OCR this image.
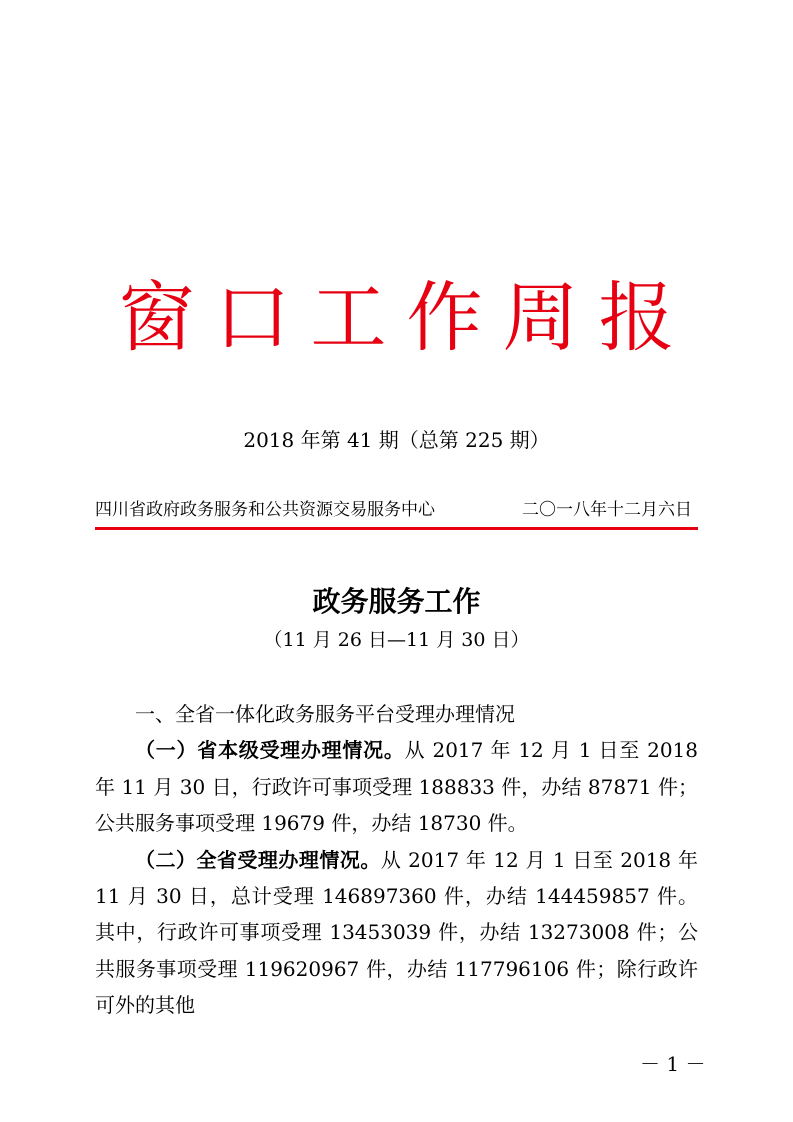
窗口工作周报
2018 年第 41 期（总第 225 期）
四川省政府政务服务和公共资源交易服务中心	二〇一八年十二月六日
政务服务工作
（11 月 26 日—11 月 30 日）

一、全省一体化政务服务平台受理办理情况

（一）省本级受理办理情况。从 2017 年 12 月 1 日至 2018 年 11 月 30 日，行政许可事项受理 188833 件，办结 87871 件；公共服务事项受理 19679 件，办结 18730 件。

（二）全省受理办理情况。从 2017 年 12 月 1 日至 2018 年 11 月 30 日，总计受理 146897360 件，办结 144459857 件。其中，行政许可事项受理 13453039 件，办结 13273008 件；公共服务事项受理 119620967 件，办结 117796106 件；除行政许可外的其他

－ 1 －
